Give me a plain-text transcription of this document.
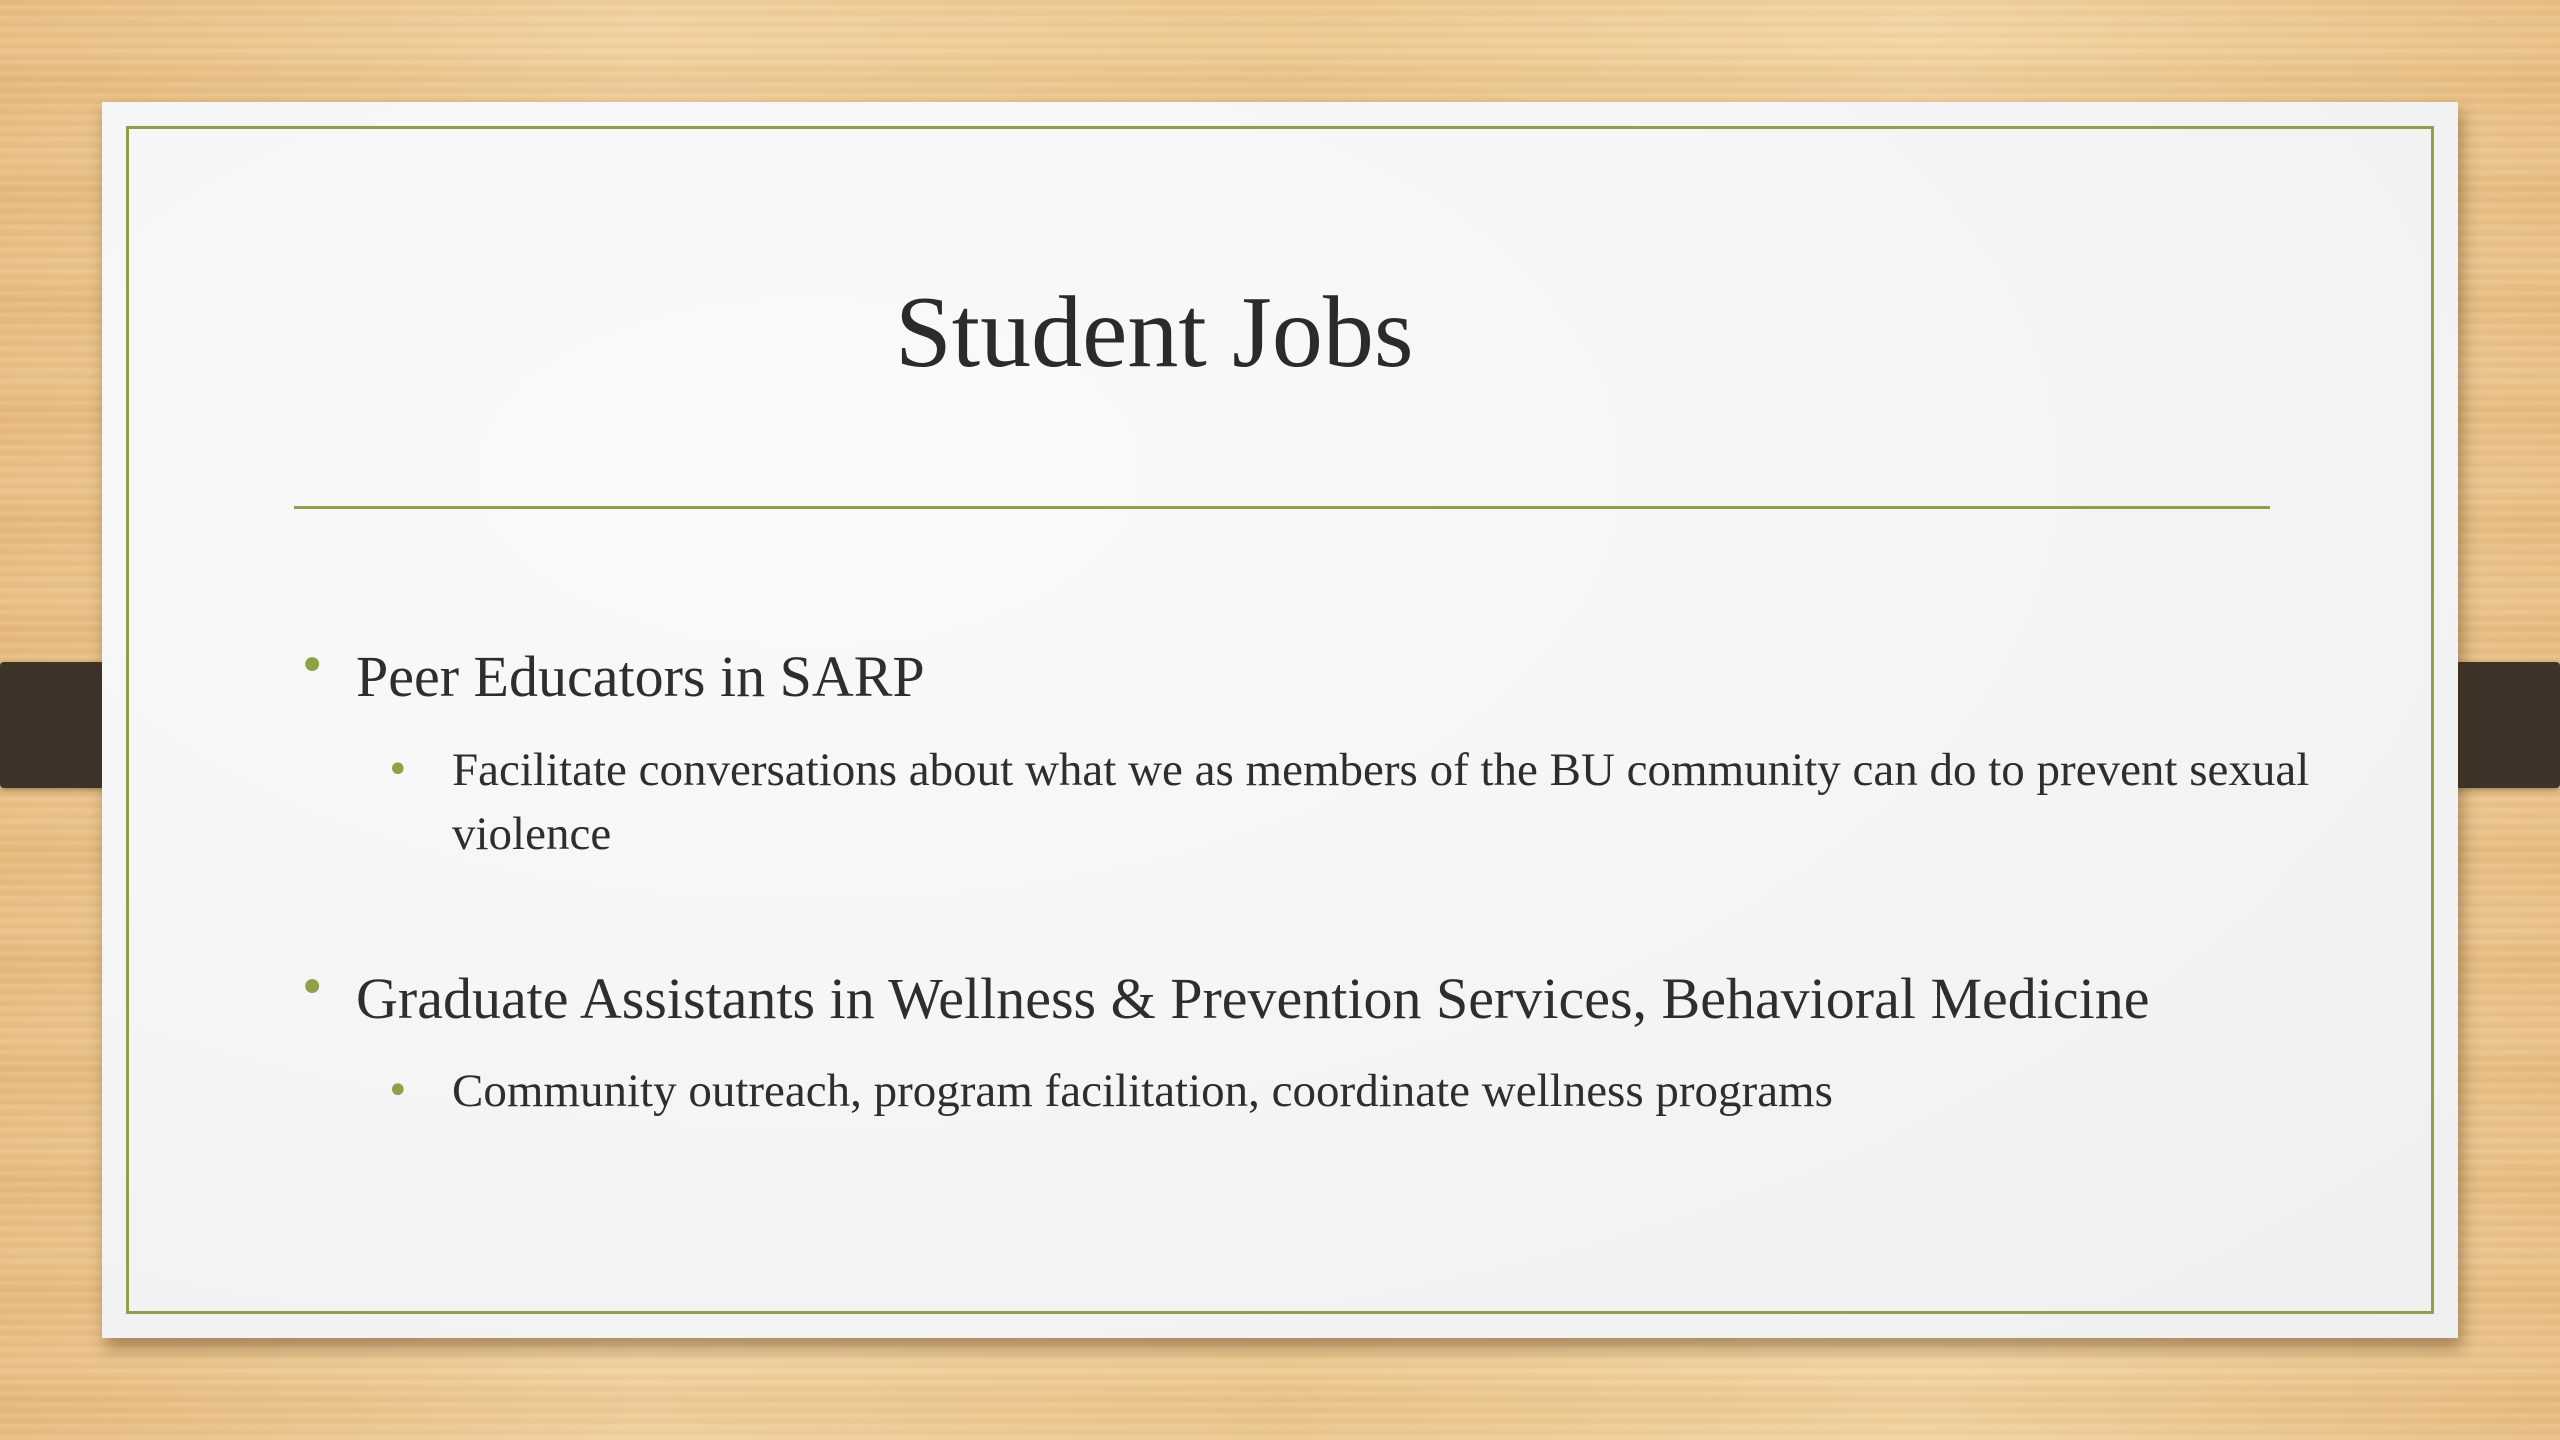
Student Jobs
• Peer Educators in SARP
• Facilitate conversations about what we as members of the BU community can do to prevent sexual violence
• Graduate Assistants in Wellness & Prevention Services, Behavioral Medicine
• Community outreach, program facilitation, coordinate wellness programs
